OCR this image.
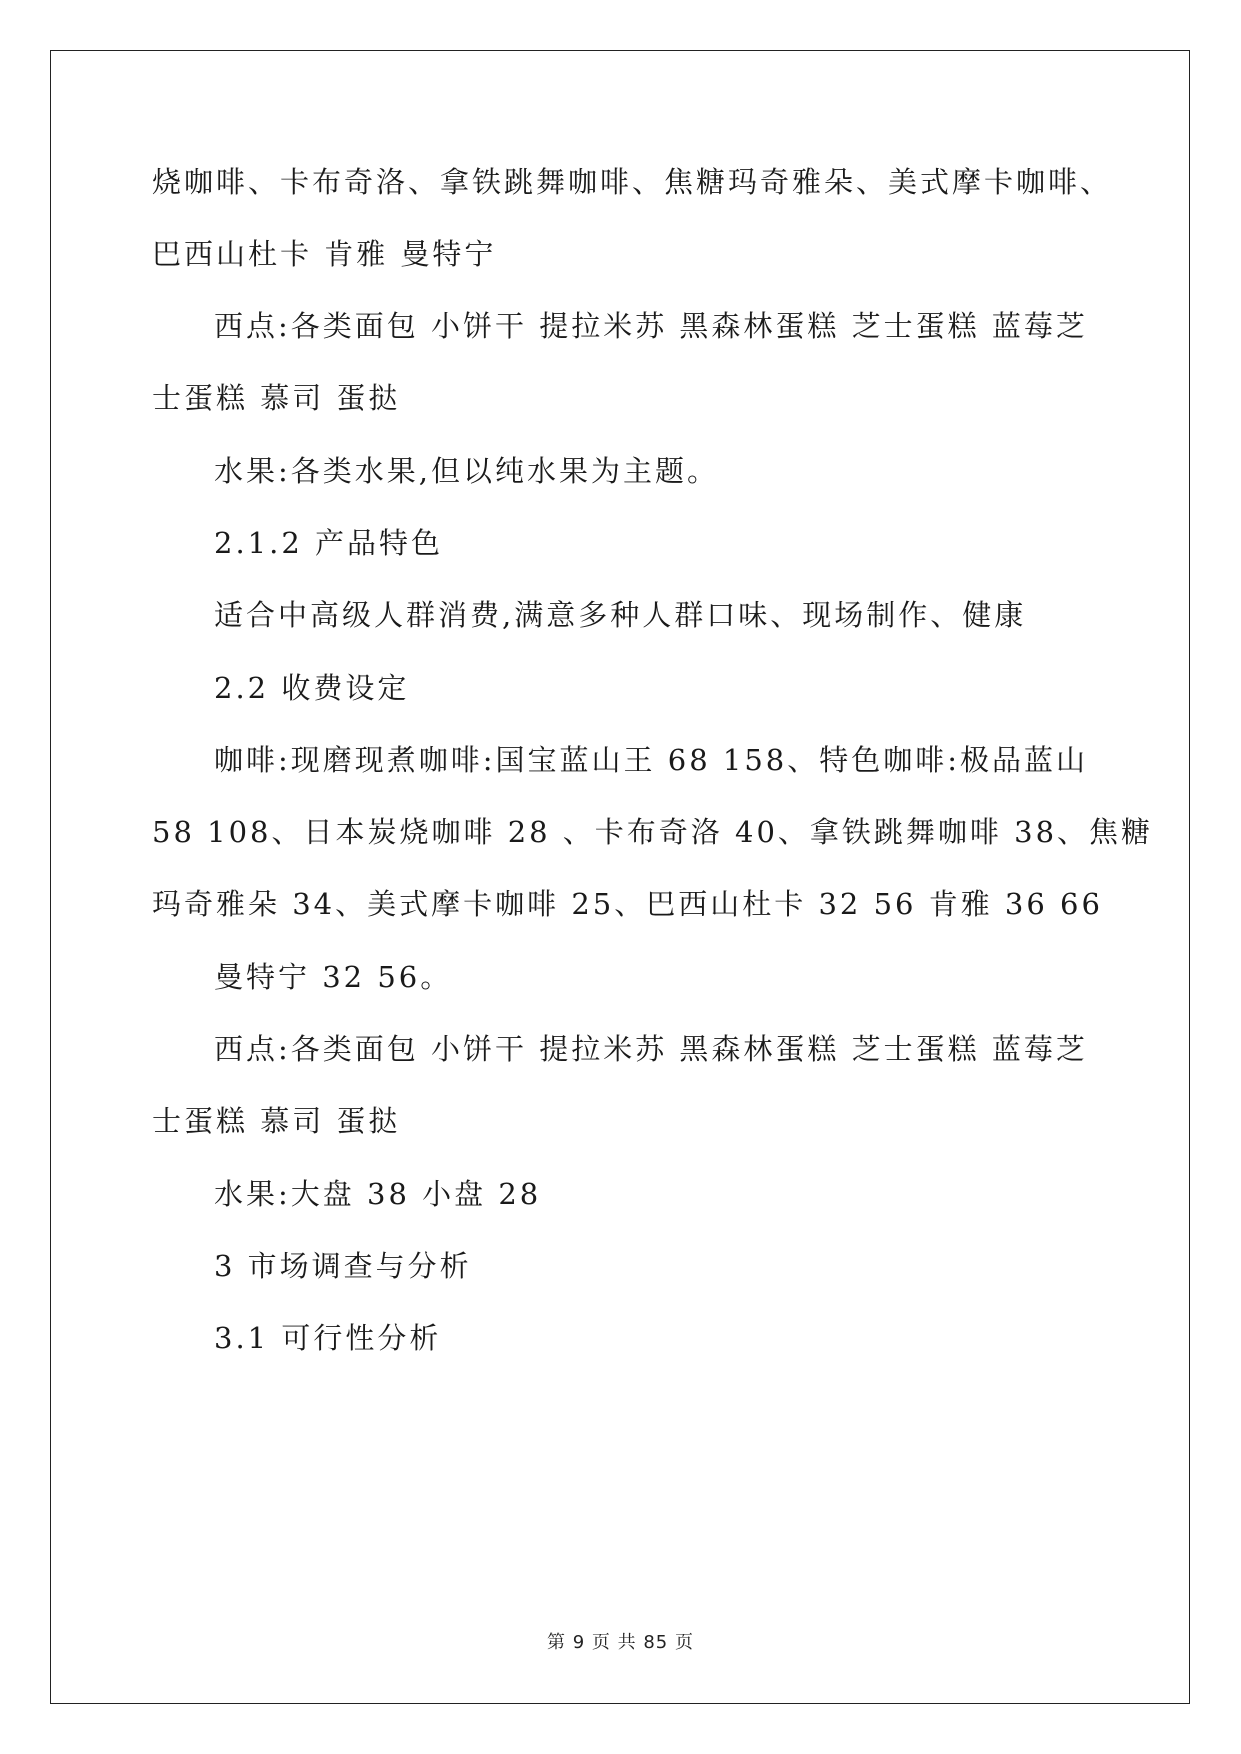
烧咖啡、卡布奇洛、拿铁跳舞咖啡、焦糖玛奇雅朵、美式摩卡咖啡、
巴西山杜卡 肯雅 曼特宁
西点:各类面包 小饼干 提拉米苏 黑森林蛋糕 芝士蛋糕 蓝莓芝
士蛋糕 慕司 蛋挞
水果:各类水果,但以纯水果为主题。
2.1.2 产品特色
适合中高级人群消费,满意多种人群口味、现场制作、健康
2.2 收费设定
咖啡:现磨现煮咖啡:国宝蓝山王 68 158、特色咖啡:极品蓝山
58 108、日本炭烧咖啡 28 、卡布奇洛 40、拿铁跳舞咖啡 38、焦糖
玛奇雅朵 34、美式摩卡咖啡 25、巴西山杜卡 32 56 肯雅 36 66
曼特宁 32 56。
西点:各类面包 小饼干 提拉米苏 黑森林蛋糕 芝士蛋糕 蓝莓芝
士蛋糕 慕司 蛋挞
水果:大盘 38 小盘 28
3 市场调查与分析
3.1 可行性分析
第 9 页 共 85 页
